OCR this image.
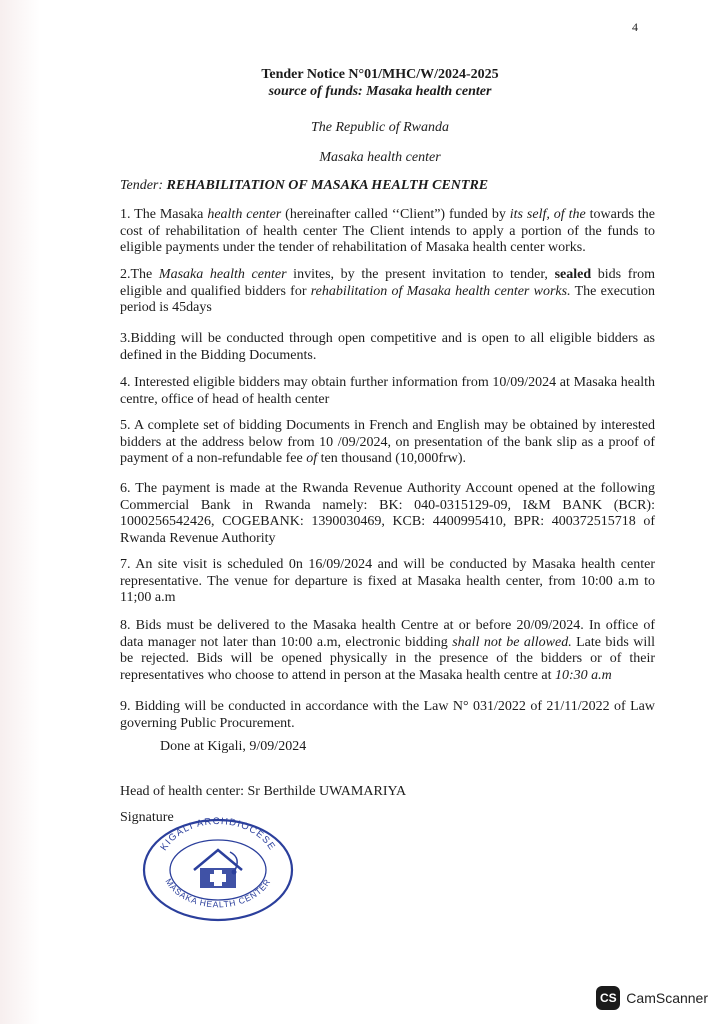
4
Tender Notice N°01/MHC/W/2024-2025
source of funds: Masaka health center
The Republic of Rwanda
Masaka health center
Tender: REHABILITATION OF MASAKA HEALTH CENTRE

1. The Masaka health center (hereinafter called ‘‘Client”) funded by its self, of the towards the cost of rehabilitation of health center The Client intends to apply a portion of the funds to eligible payments under the tender of rehabilitation of Masaka health center works.

2.The Masaka health center invites, by the present invitation to tender, sealed bids from eligible and qualified bidders for rehabilitation of Masaka health center works. The execution period is 45days

3.Bidding will be conducted through open competitive and is open to all eligible bidders as defined in the Bidding Documents.

4. Interested eligible bidders may obtain further information from 10/09/2024 at Masaka health centre, office of head of health center

5. A complete set of bidding Documents in French and English may be obtained by interested bidders at the address below from 10 /09/2024, on presentation of the bank slip as a proof of payment of a non-refundable fee of ten thousand (10,000frw).

6. The payment is made at the Rwanda Revenue Authority Account opened at the following Commercial Bank in Rwanda namely: BK: 040-0315129-09, I&M BANK (BCR): 1000256542426, COGEBANK: 1390030469, KCB: 4400995410, BPR: 400372515718 of Rwanda Revenue Authority

7. An site visit is scheduled 0n 16/09/2024 and will be conducted by Masaka health center representative. The venue for departure is fixed at Masaka health center, from 10:00 a.m to 11;00 a.m

8. Bids must be delivered to the Masaka health Centre at or before 20/09/2024. In office of data manager not later than 10:00 a.m, electronic bidding shall not be allowed. Late bids will be rejected. Bids will be opened physically in the presence of the bidders or of their representatives who choose to attend in person at the Masaka health centre at 10:30 a.m

9. Bidding will be conducted in accordance with the Law N° 031/2022 of 21/11/2022 of Law governing Public Procurement.

Done at Kigali, 9/09/2024
Head of health center: Sr Berthilde UWAMARIYA
Signature
KIGALI ARCHDIOCESE
MASAKA HEALTH CENTER
CS CamScanner
